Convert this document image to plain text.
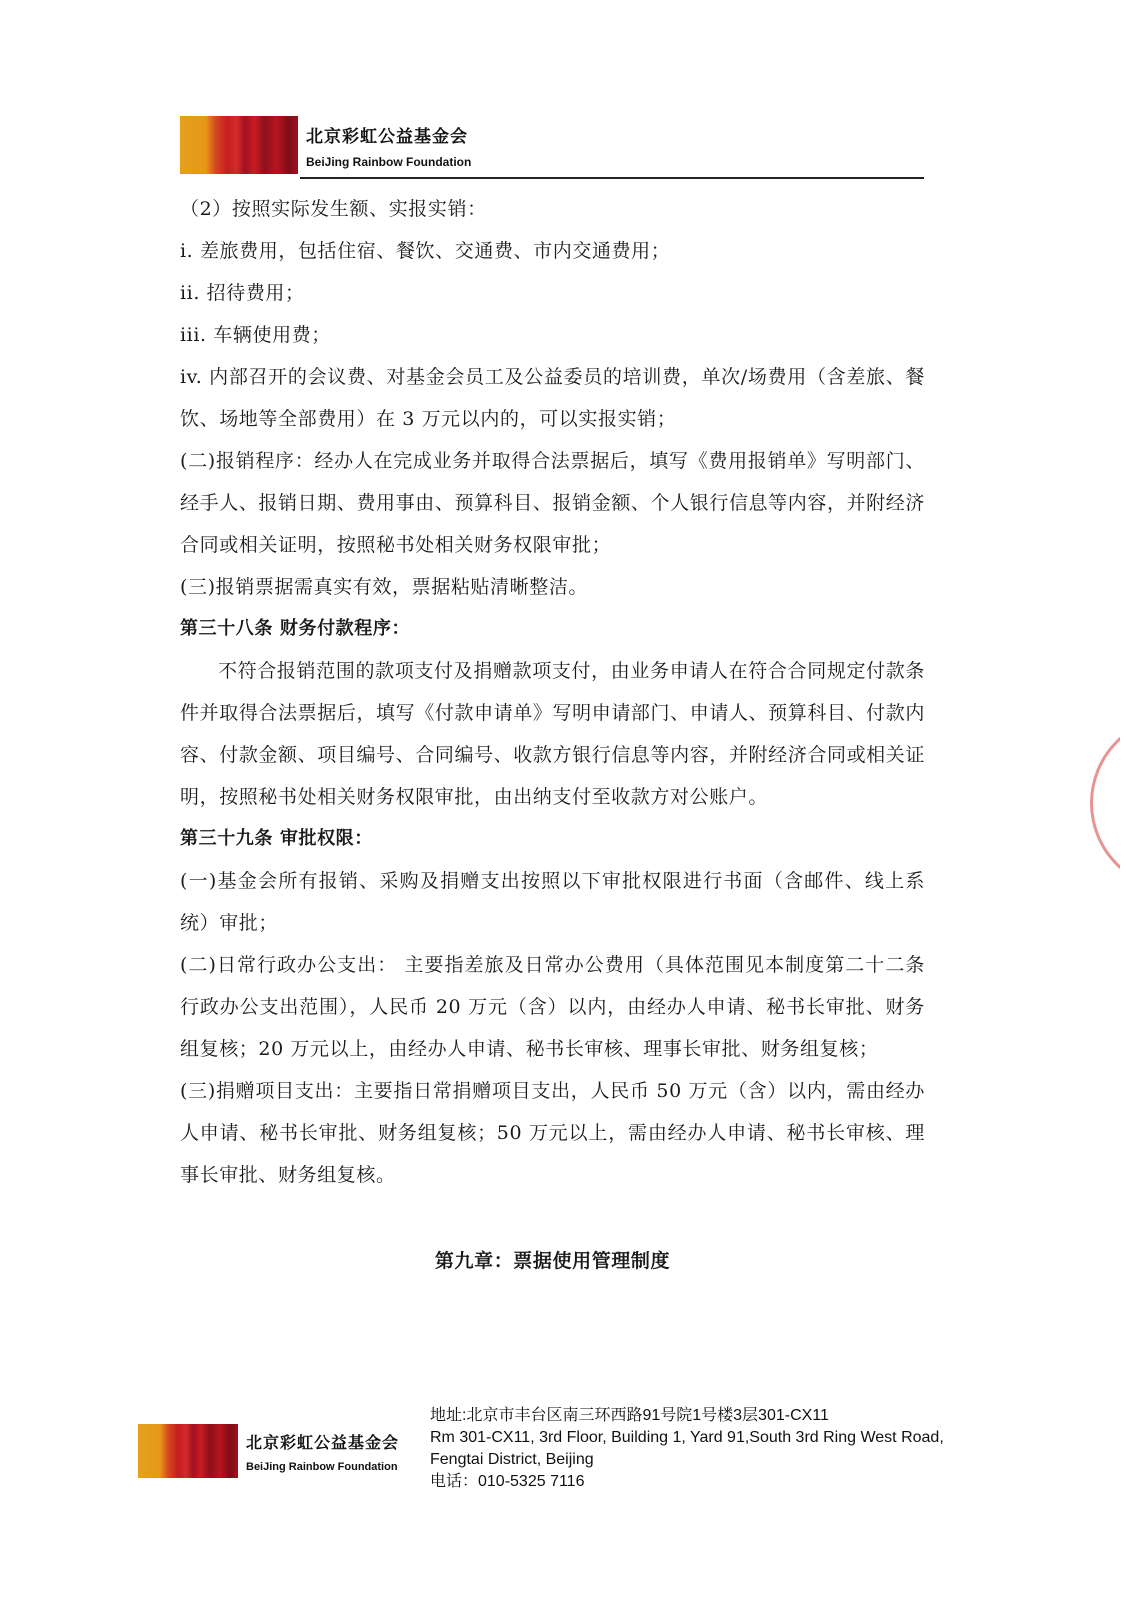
北京彩虹公益基金会
BeiJing Rainbow Foundation

（2）按照实际发生额、实报实销：

i. 差旅费用，包括住宿、餐饮、交通费、市内交通费用；

ii. 招待费用；

iii. 车辆使用费；

iv. 内部召开的会议费、对基金会员工及公益委员的培训费，单次/场费用（含差旅、餐饮、场地等全部费用）在 3 万元以内的，可以实报实销；

(二)报销程序：经办人在完成业务并取得合法票据后，填写《费用报销单》写明部门、经手人、报销日期、费用事由、预算科目、报销金额、个人银行信息等内容，并附经济合同或相关证明，按照秘书处相关财务权限审批；

(三)报销票据需真实有效，票据粘贴清晰整洁。

第三十八条 财务付款程序：

不符合报销范围的款项支付及捐赠款项支付，由业务申请人在符合合同规定付款条件并取得合法票据后，填写《付款申请单》写明申请部门、申请人、预算科目、付款内容、付款金额、项目编号、合同编号、收款方银行信息等内容，并附经济合同或相关证明，按照秘书处相关财务权限审批，由出纳支付至收款方对公账户。

第三十九条 审批权限：

(一)基金会所有报销、采购及捐赠支出按照以下审批权限进行书面（含邮件、线上系统）审批；

(二)日常行政办公支出： 主要指差旅及日常办公费用（具体范围见本制度第二十二条行政办公支出范围），人民币 20 万元（含）以内，由经办人申请、秘书长审批、财务组复核；20 万元以上，由经办人申请、秘书长审核、理事长审批、财务组复核；

(三)捐赠项目支出：主要指日常捐赠项目支出，人民币 50 万元（含）以内，需由经办人申请、秘书长审批、财务组复核；50 万元以上，需由经办人申请、秘书长审核、理事长审批、财务组复核。

第九章：票据使用管理制度

北京彩虹公益基金会
BeiJing Rainbow Foundation
地址:北京市丰台区南三环西路91号院1号楼3层301-CX11
Rm 301-CX11, 3rd Floor, Building 1, Yard 91,South 3rd Ring West Road,
Fengtai District, Beijing
电话：010-5325 7116
